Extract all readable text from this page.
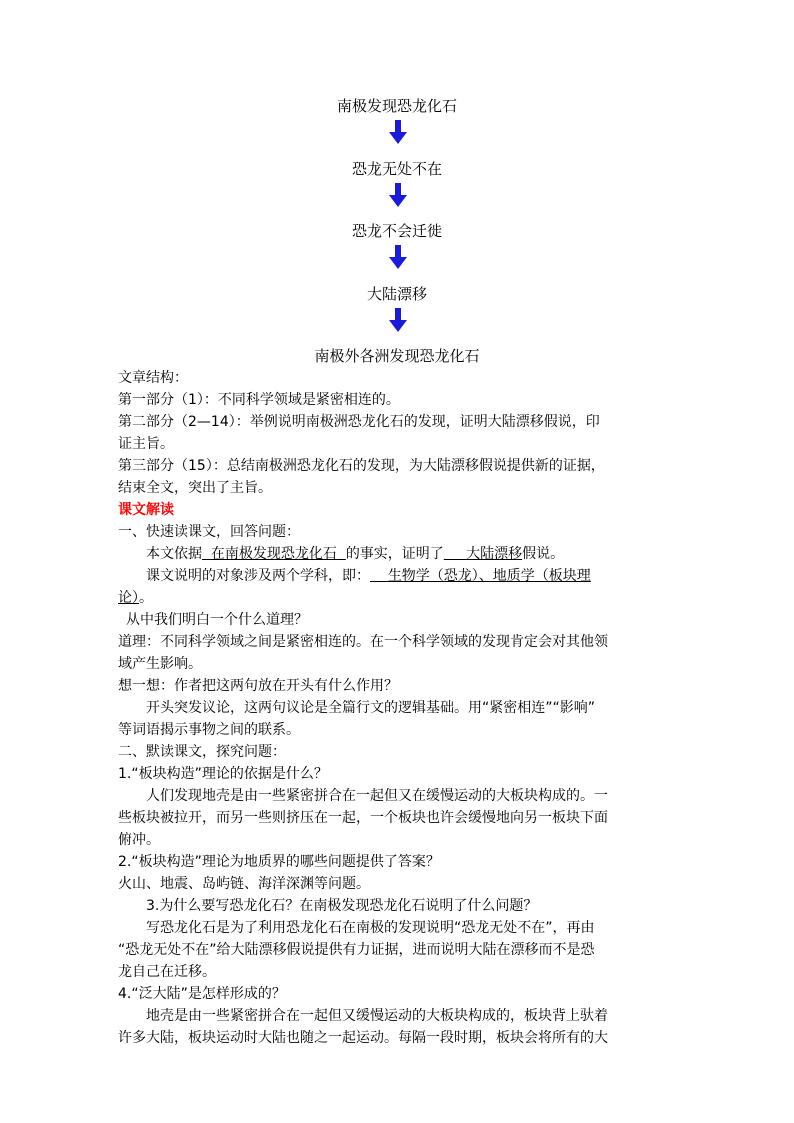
南极发现恐龙化石
恐龙无处不在
恐龙不会迁徙
大陆漂移
南极外各洲发现恐龙化石
文章结构：
第一部分（1）：不同科学领域是紧密相连的。
第二部分（2—14）：举例说明南极洲恐龙化石的发现，证明大陆漂移假说，印
证主旨。
第三部分（15）：总结南极洲恐龙化石的发现，为大陆漂移假说提供新的证据，
结束全文，突出了主旨。
课文解读
一、快速读课文，回答问题：
本文依据 在南极发现恐龙化石 的事实，证明了 大陆漂移假说。
课文说明的对象涉及两个学科，即： 生物学（恐龙）、地质学（板块理
论）。
从中我们明白一个什么道理？
道理：不同科学领域之间是紧密相连的。在一个科学领域的发现肯定会对其他领
域产生影响。
想一想：作者把这两句放在开头有什么作用？
开头突发议论，这两句议论是全篇行文的逻辑基础。用“紧密相连”“影响”
等词语揭示事物之间的联系。
二、默读课文，探究问题：
1.“板块构造”理论的依据是什么？
人们发现地壳是由一些紧密拼合在一起但又在缓慢运动的大板块构成的。一
些板块被拉开，而另一些则挤压在一起，一个板块也许会缓慢地向另一板块下面
俯冲。
2.“板块构造”理论为地质界的哪些问题提供了答案？
火山、地震、岛屿链、海洋深渊等问题。
3.为什么要写恐龙化石？在南极发现恐龙化石说明了什么问题？
写恐龙化石是为了利用恐龙化石在南极的发现说明“恐龙无处不在”，再由
“恐龙无处不在”给大陆漂移假说提供有力证据，进而说明大陆在漂移而不是恐
龙自己在迁移。
4.“泛大陆”是怎样形成的？
地壳是由一些紧密拼合在一起但又缓慢运动的大板块构成的，板块背上驮着
许多大陆，板块运动时大陆也随之一起运动。每隔一段时期，板块会将所有的大
